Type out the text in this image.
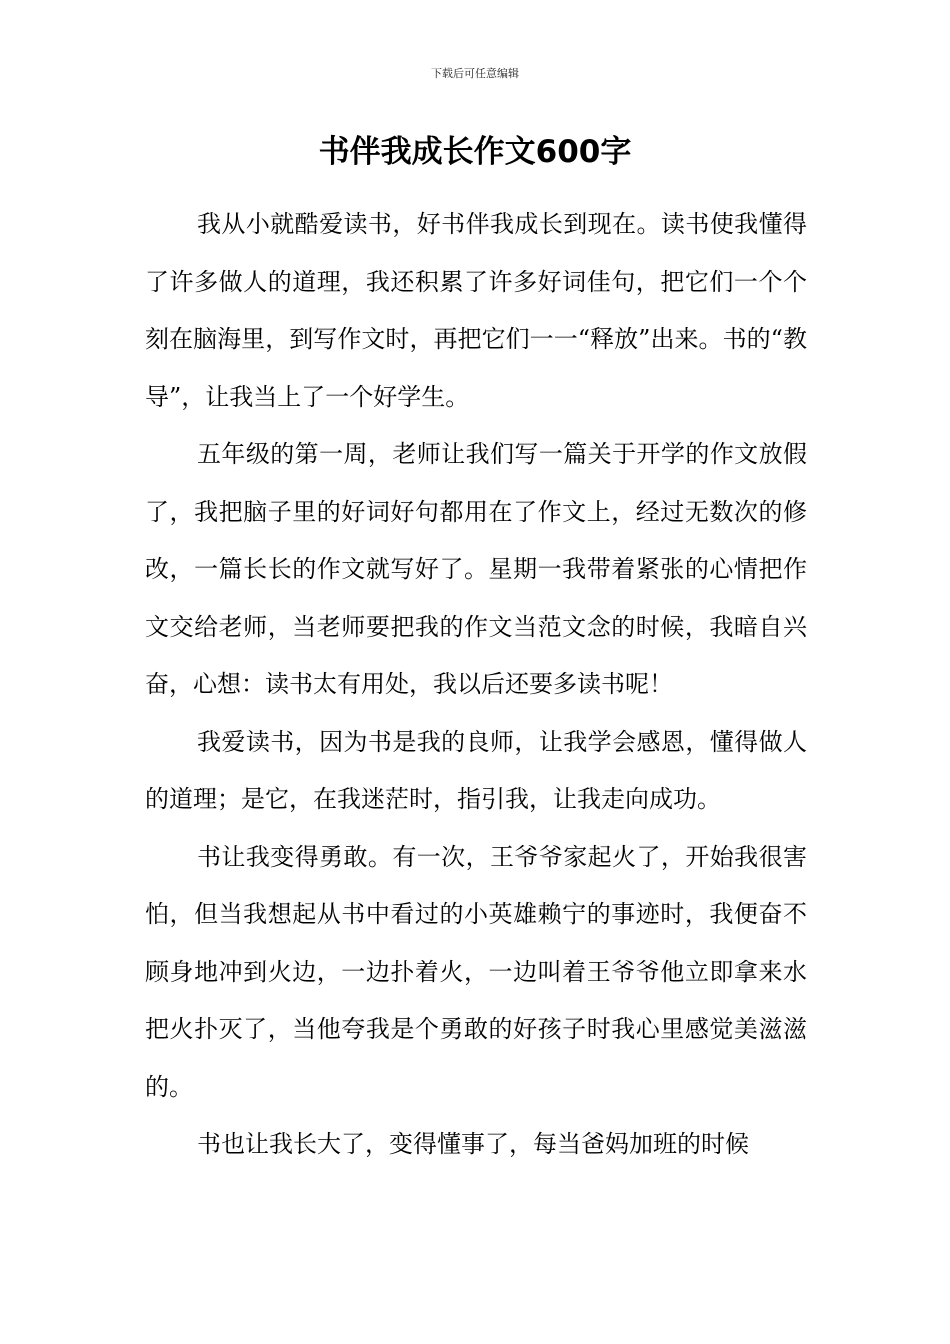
下载后可任意编辑
书伴我成长作文600字

我从小就酷爱读书，好书伴我成长到现在。读书使我懂得了许多做人的道理，我还积累了许多好词佳句，把它们一个个刻在脑海里，到写作文时，再把它们一一“释放”出来。书的“教导”，让我当上了一个好学生。

五年级的第一周，老师让我们写一篇关于开学的作文放假了，我把脑子里的好词好句都用在了作文上，经过无数次的修改，一篇长长的作文就写好了。星期一我带着紧张的心情把作文交给老师，当老师要把我的作文当范文念的时候，我暗自兴奋，心想：读书太有用处，我以后还要多读书呢！

我爱读书，因为书是我的良师，让我学会感恩，懂得做人的道理；是它，在我迷茫时，指引我，让我走向成功。

书让我变得勇敢。有一次，王爷爷家起火了，开始我很害怕，但当我想起从书中看过的小英雄赖宁的事迹时，我便奋不顾身地冲到火边，一边扑着火，一边叫着王爷爷他立即拿来水把火扑灭了，当他夸我是个勇敢的好孩子时我心里感觉美滋滋的。

书也让我长大了，变得懂事了，每当爸妈加班的时候
